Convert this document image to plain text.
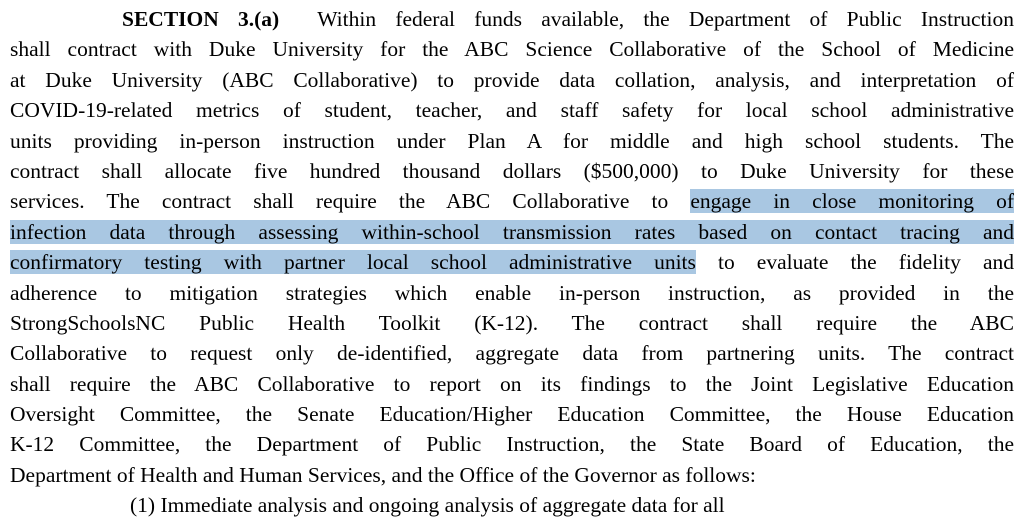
SECTION 3.(a) Within federal funds available, the Department of Public Instruction
shall contract with Duke University for the ABC Science Collaborative of the School of Medicine
at Duke University (ABC Collaborative) to provide data collation, analysis, and interpretation of
COVID-19-related metrics of student, teacher, and staff safety for local school administrative
units providing in-person instruction under Plan A for middle and high school students. The
contract shall allocate five hundred thousand dollars ($500,000) to Duke University for these
services. The contract shall require the ABC Collaborative to engage in close monitoring of
infection data through assessing within-school transmission rates based on contact tracing and
confirmatory testing with partner local school administrative units to evaluate the fidelity and
adherence to mitigation strategies which enable in-person instruction, as provided in the
StrongSchoolsNC Public Health Toolkit (K-12). The contract shall require the ABC
Collaborative to request only de-identified, aggregate data from partnering units. The contract
shall require the ABC Collaborative to report on its findings to the Joint Legislative Education
Oversight Committee, the Senate Education/Higher Education Committee, the House Education
K-12 Committee, the Department of Public Instruction, the State Board of Education, the
Department of Health and Human Services, and the Office of the Governor as follows:
(1) Immediate analysis and ongoing analysis of aggregate data for all
